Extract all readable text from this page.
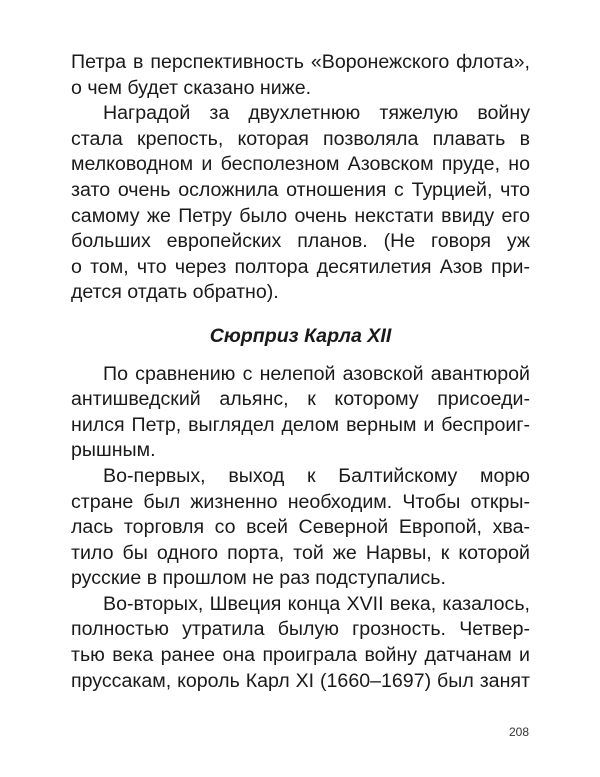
Петра в перспективность «Воронежского флота»,
о чем будет сказано ниже.
Наградой за двухлетнюю тяжелую войну
стала крепость, которая позволяла плавать в
мелководном и бесполезном Азовском пруде, но
зато очень осложнила отношения с Турцией, что
самому же Петру было очень некстати ввиду его
больших европейских планов. (Не говоря уж
о том, что через полтора десятилетия Азов при-
дется отдать обратно).
Сюрприз Карла XII
По сравнению с нелепой азовской авантюрой
антишведский альянс, к которому присоеди-
нился Петр, выглядел делом верным и беспроиг-
рышным.
Во-первых, выход к Балтийскому морю
стране был жизненно необходим. Чтобы откры-
лась торговля со всей Северной Европой, хва-
тило бы одного порта, той же Нарвы, к которой
русские в прошлом не раз подступались.
Во-вторых, Швеция конца XVII века, казалось,
полностью утратила былую грозность. Четвер-
тью века ранее она проиграла войну датчанам и
пруссакам, король Карл XI (1660–1697) был занят
208
